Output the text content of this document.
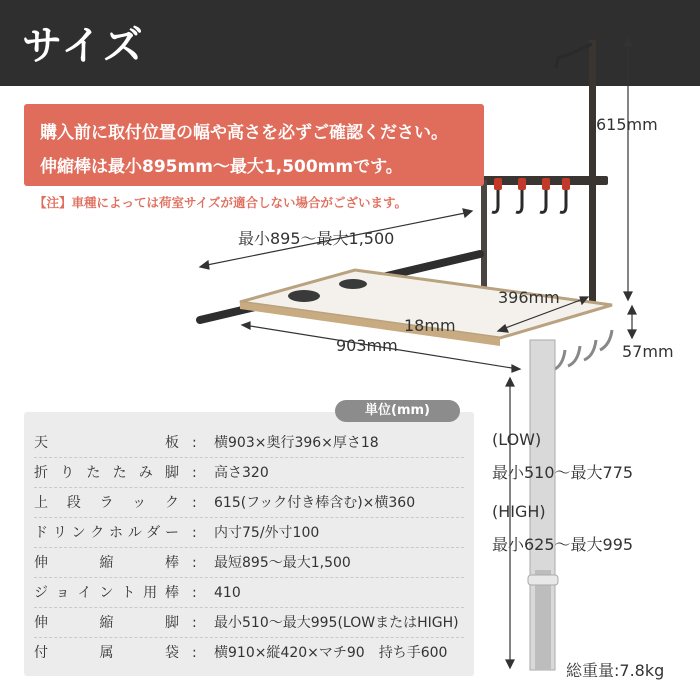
サイズ
購入前に取付位置の幅や高さを必ずご確認ください。
伸縮棒は最小895mm〜最大1,500mmです。
【注】車種によっては荷室サイズが適合しない場合がございます。
615mm
最小895〜最大1,500
396mm
18mm
903mm	57mm
(LOW)
最小510〜最大775
(HIGH)
最小625〜最大995
天板 : 横903×奥行396×厚さ18
折りたたみ脚 : 高さ320
上段ラック : 615(フック付き棒含む)×横360
ドリンクホルダー : 内寸75/外寸100
伸縮棒 : 最短895〜最大1,500
ジョイント用棒 : 410
伸縮脚 : 最小510〜最大995(LOWまたはHIGH)
付属袋 : 横910×縦420×マチ90　持ち手600
単位(mm)
総重量:7.8kg
